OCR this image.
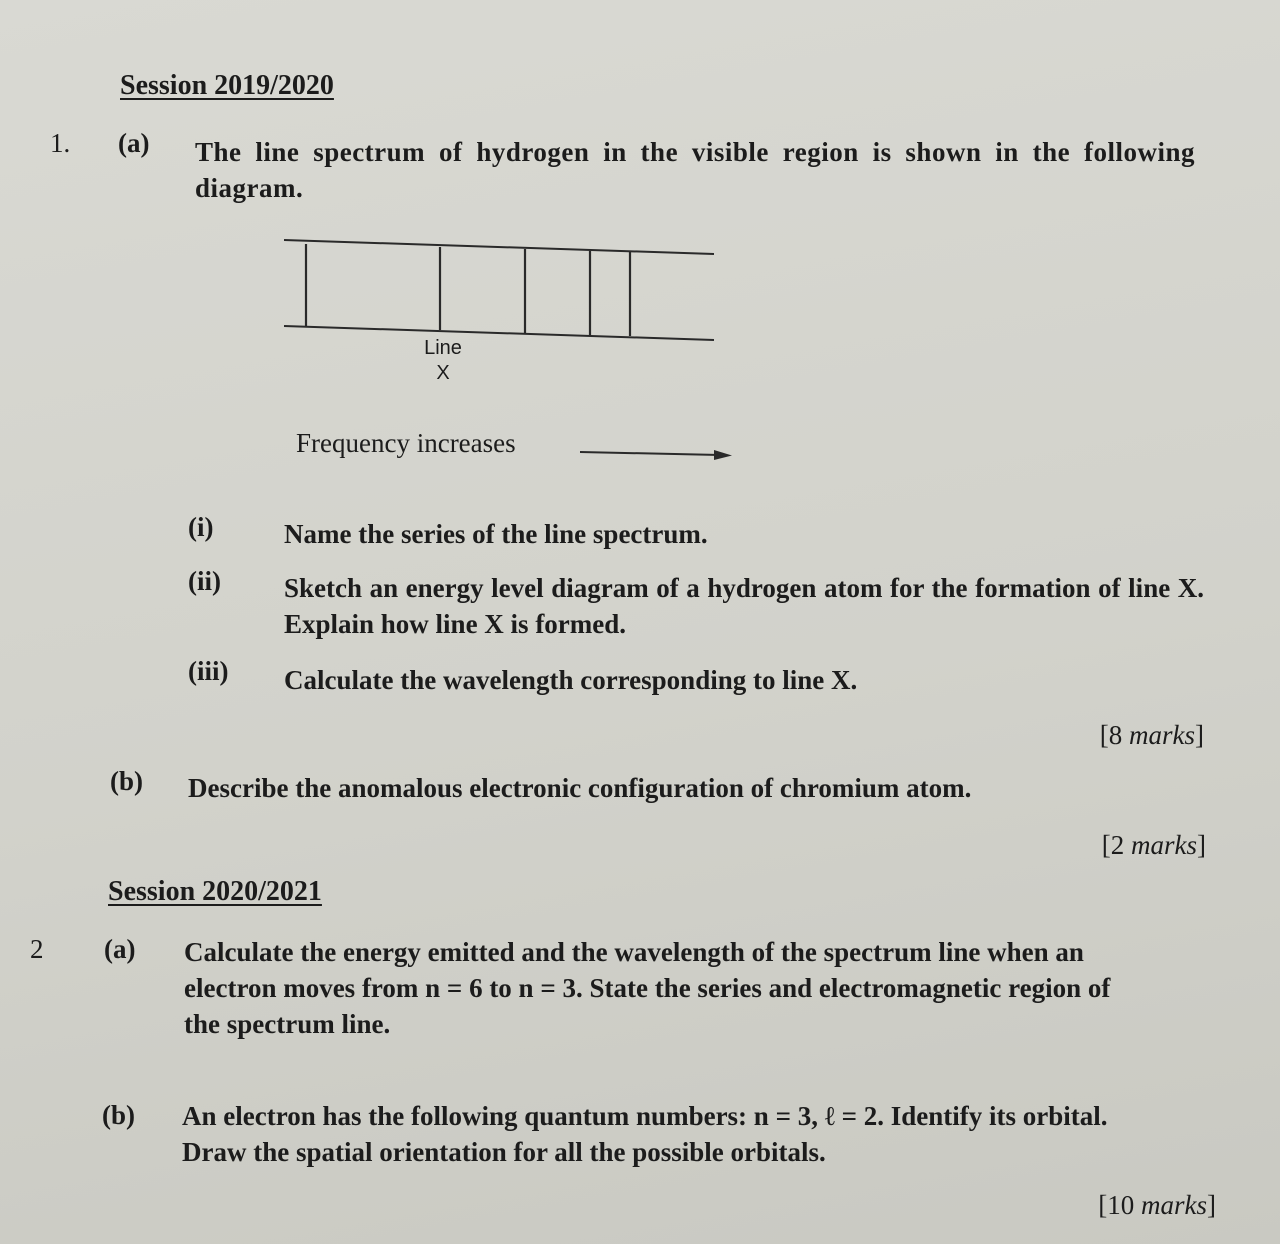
Session 2019/2020
1. (a) The line spectrum of hydrogen in the visible region is shown in the following diagram.
Line
X
Frequency increases
(i)	Name the series of the line spectrum.
(ii) Sketch an energy level diagram of a hydrogen atom for the formation of line X. Explain how line X is formed.
(iii) Calculate the wavelength corresponding to line X.
[8 marks]
(b) Describe the anomalous electronic configuration of chromium atom.
[2 marks]
Session 2020/2021
2 (a) Calculate the energy emitted and the wavelength of the spectrum line when an
electron moves from n = 6 to n = 3. State the series and electromagnetic region of
the spectrum line.
(b) An electron has the following quantum numbers: n = 3, ℓ = 2. Identify its orbital.
Draw the spatial orientation for all the possible orbitals.
[10 marks]
